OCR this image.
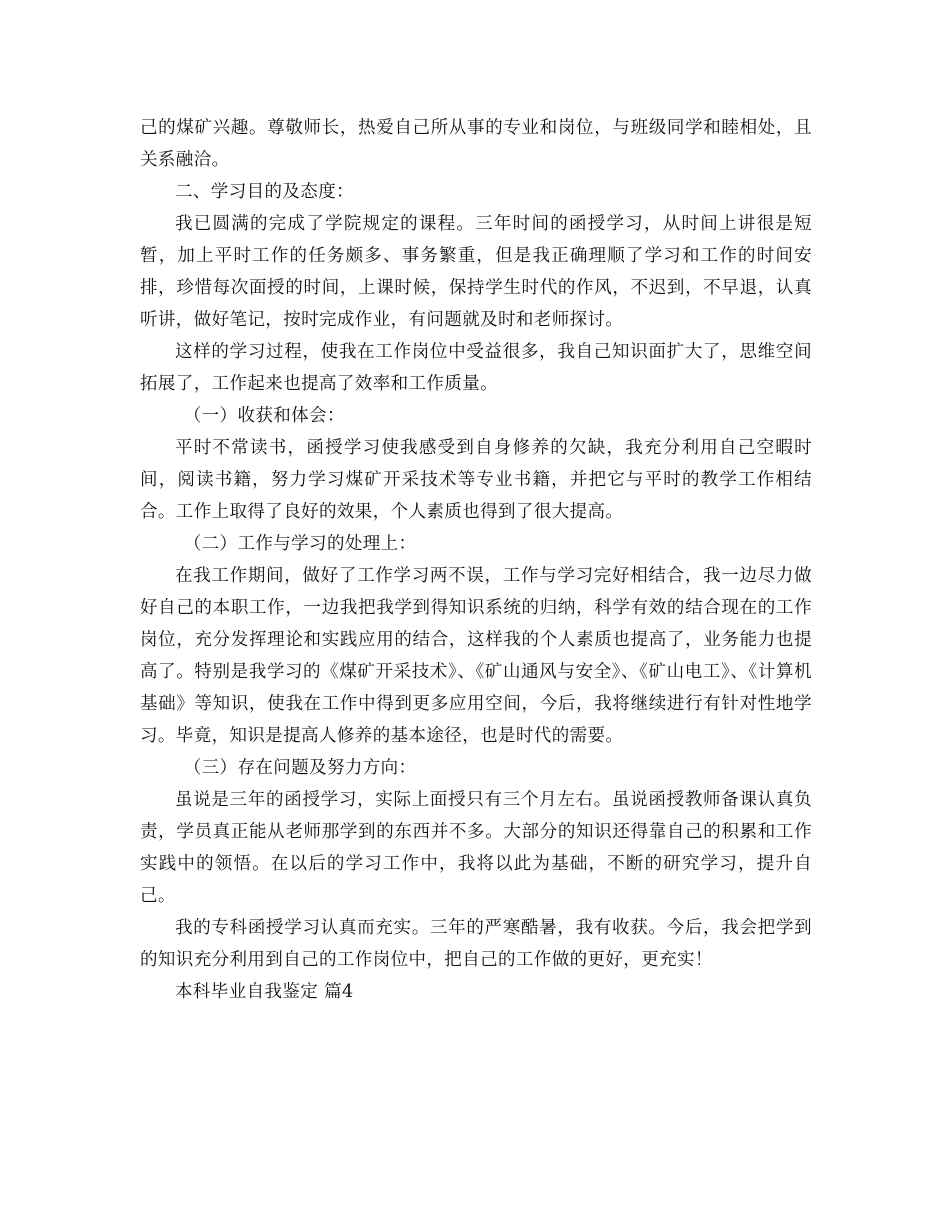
己的煤矿兴趣。尊敬师长，热爱自己所从事的专业和岗位，与班级同学和睦相处，且关系融洽。

二、学习目的及态度：

我已圆满的完成了学院规定的课程。三年时间的函授学习，从时间上讲很是短暂，加上平时工作的任务颇多、事务繁重，但是我正确理顺了学习和工作的时间安排，珍惜每次面授的时间，上课时候，保持学生时代的作风，不迟到，不早退，认真听讲，做好笔记，按时完成作业，有问题就及时和老师探讨。

这样的学习过程，使我在工作岗位中受益很多，我自己知识面扩大了，思维空间拓展了，工作起来也提高了效率和工作质量。

（一）收获和体会：

平时不常读书，函授学习使我感受到自身修养的欠缺，我充分利用自己空暇时间，阅读书籍，努力学习煤矿开采技术等专业书籍，并把它与平时的教学工作相结合。工作上取得了良好的效果，个人素质也得到了很大提高。

（二）工作与学习的处理上：

在我工作期间，做好了工作学习两不误，工作与学习完好相结合，我一边尽力做好自己的本职工作，一边我把我学到得知识系统的归纳，科学有效的结合现在的工作岗位，充分发挥理论和实践应用的结合，这样我的个人素质也提高了，业务能力也提高了。特别是我学习的《煤矿开采技术》、《矿山通风与安全》、《矿山电工》、《计算机基础》等知识，使我在工作中得到更多应用空间，今后，我将继续进行有针对性地学习。毕竟，知识是提高人修养的基本途径，也是时代的需要。

（三）存在问题及努力方向：

虽说是三年的函授学习，实际上面授只有三个月左右。虽说函授教师备课认真负责，学员真正能从老师那学到的东西并不多。大部分的知识还得靠自己的积累和工作实践中的领悟。在以后的学习工作中，我将以此为基础，不断的研究学习，提升自己。

我的专科函授学习认真而充实。三年的严寒酷暑，我有收获。今后，我会把学到的知识充分利用到自己的工作岗位中，把自己的工作做的更好，更充实！

本科毕业自我鉴定 篇4
